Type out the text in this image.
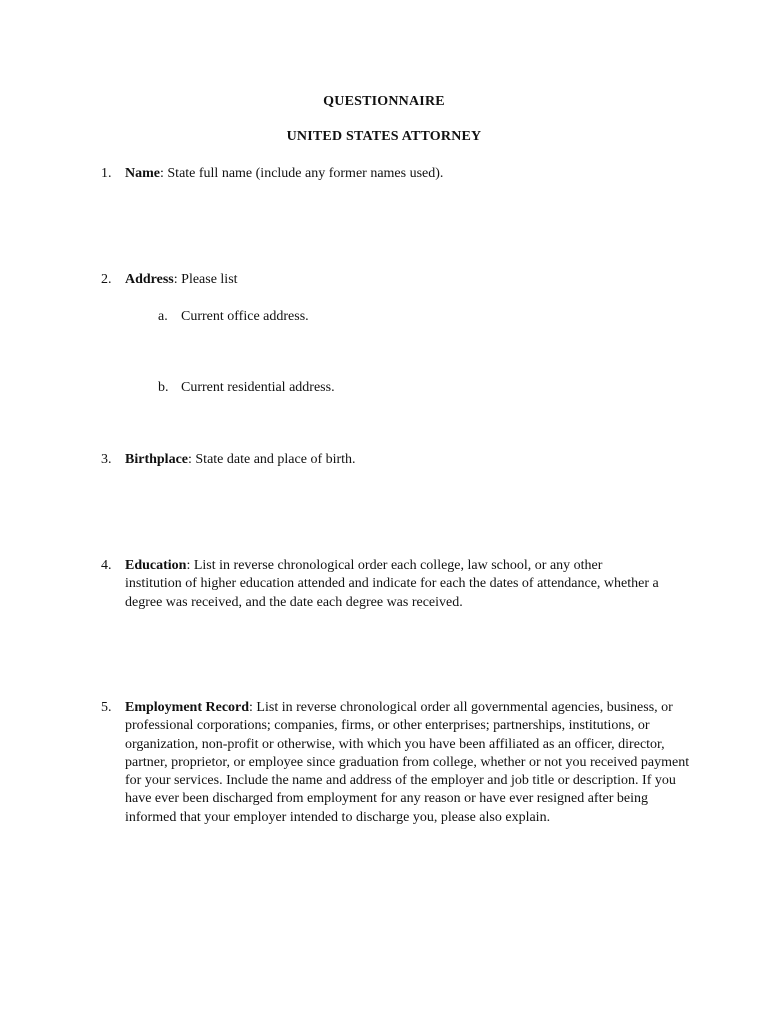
QUESTIONNAIRE
UNITED STATES ATTORNEY
1. Name: State full name (include any former names used).
2. Address: Please list
a. Current office address.
b. Current residential address.
3. Birthplace: State date and place of birth.
4. Education: List in reverse chronological order each college, law school, or any other institution of higher education attended and indicate for each the dates of attendance, whether a degree was received, and the date each degree was received.
5. Employment Record: List in reverse chronological order all governmental agencies, business, or professional corporations; companies, firms, or other enterprises; partnerships, institutions, or organization, non-profit or otherwise, with which you have been affiliated as an officer, director, partner, proprietor, or employee since graduation from college, whether or not you received payment for your services. Include the name and address of the employer and job title or description. If you have ever been discharged from employment for any reason or have ever resigned after being informed that your employer intended to discharge you, please also explain.
